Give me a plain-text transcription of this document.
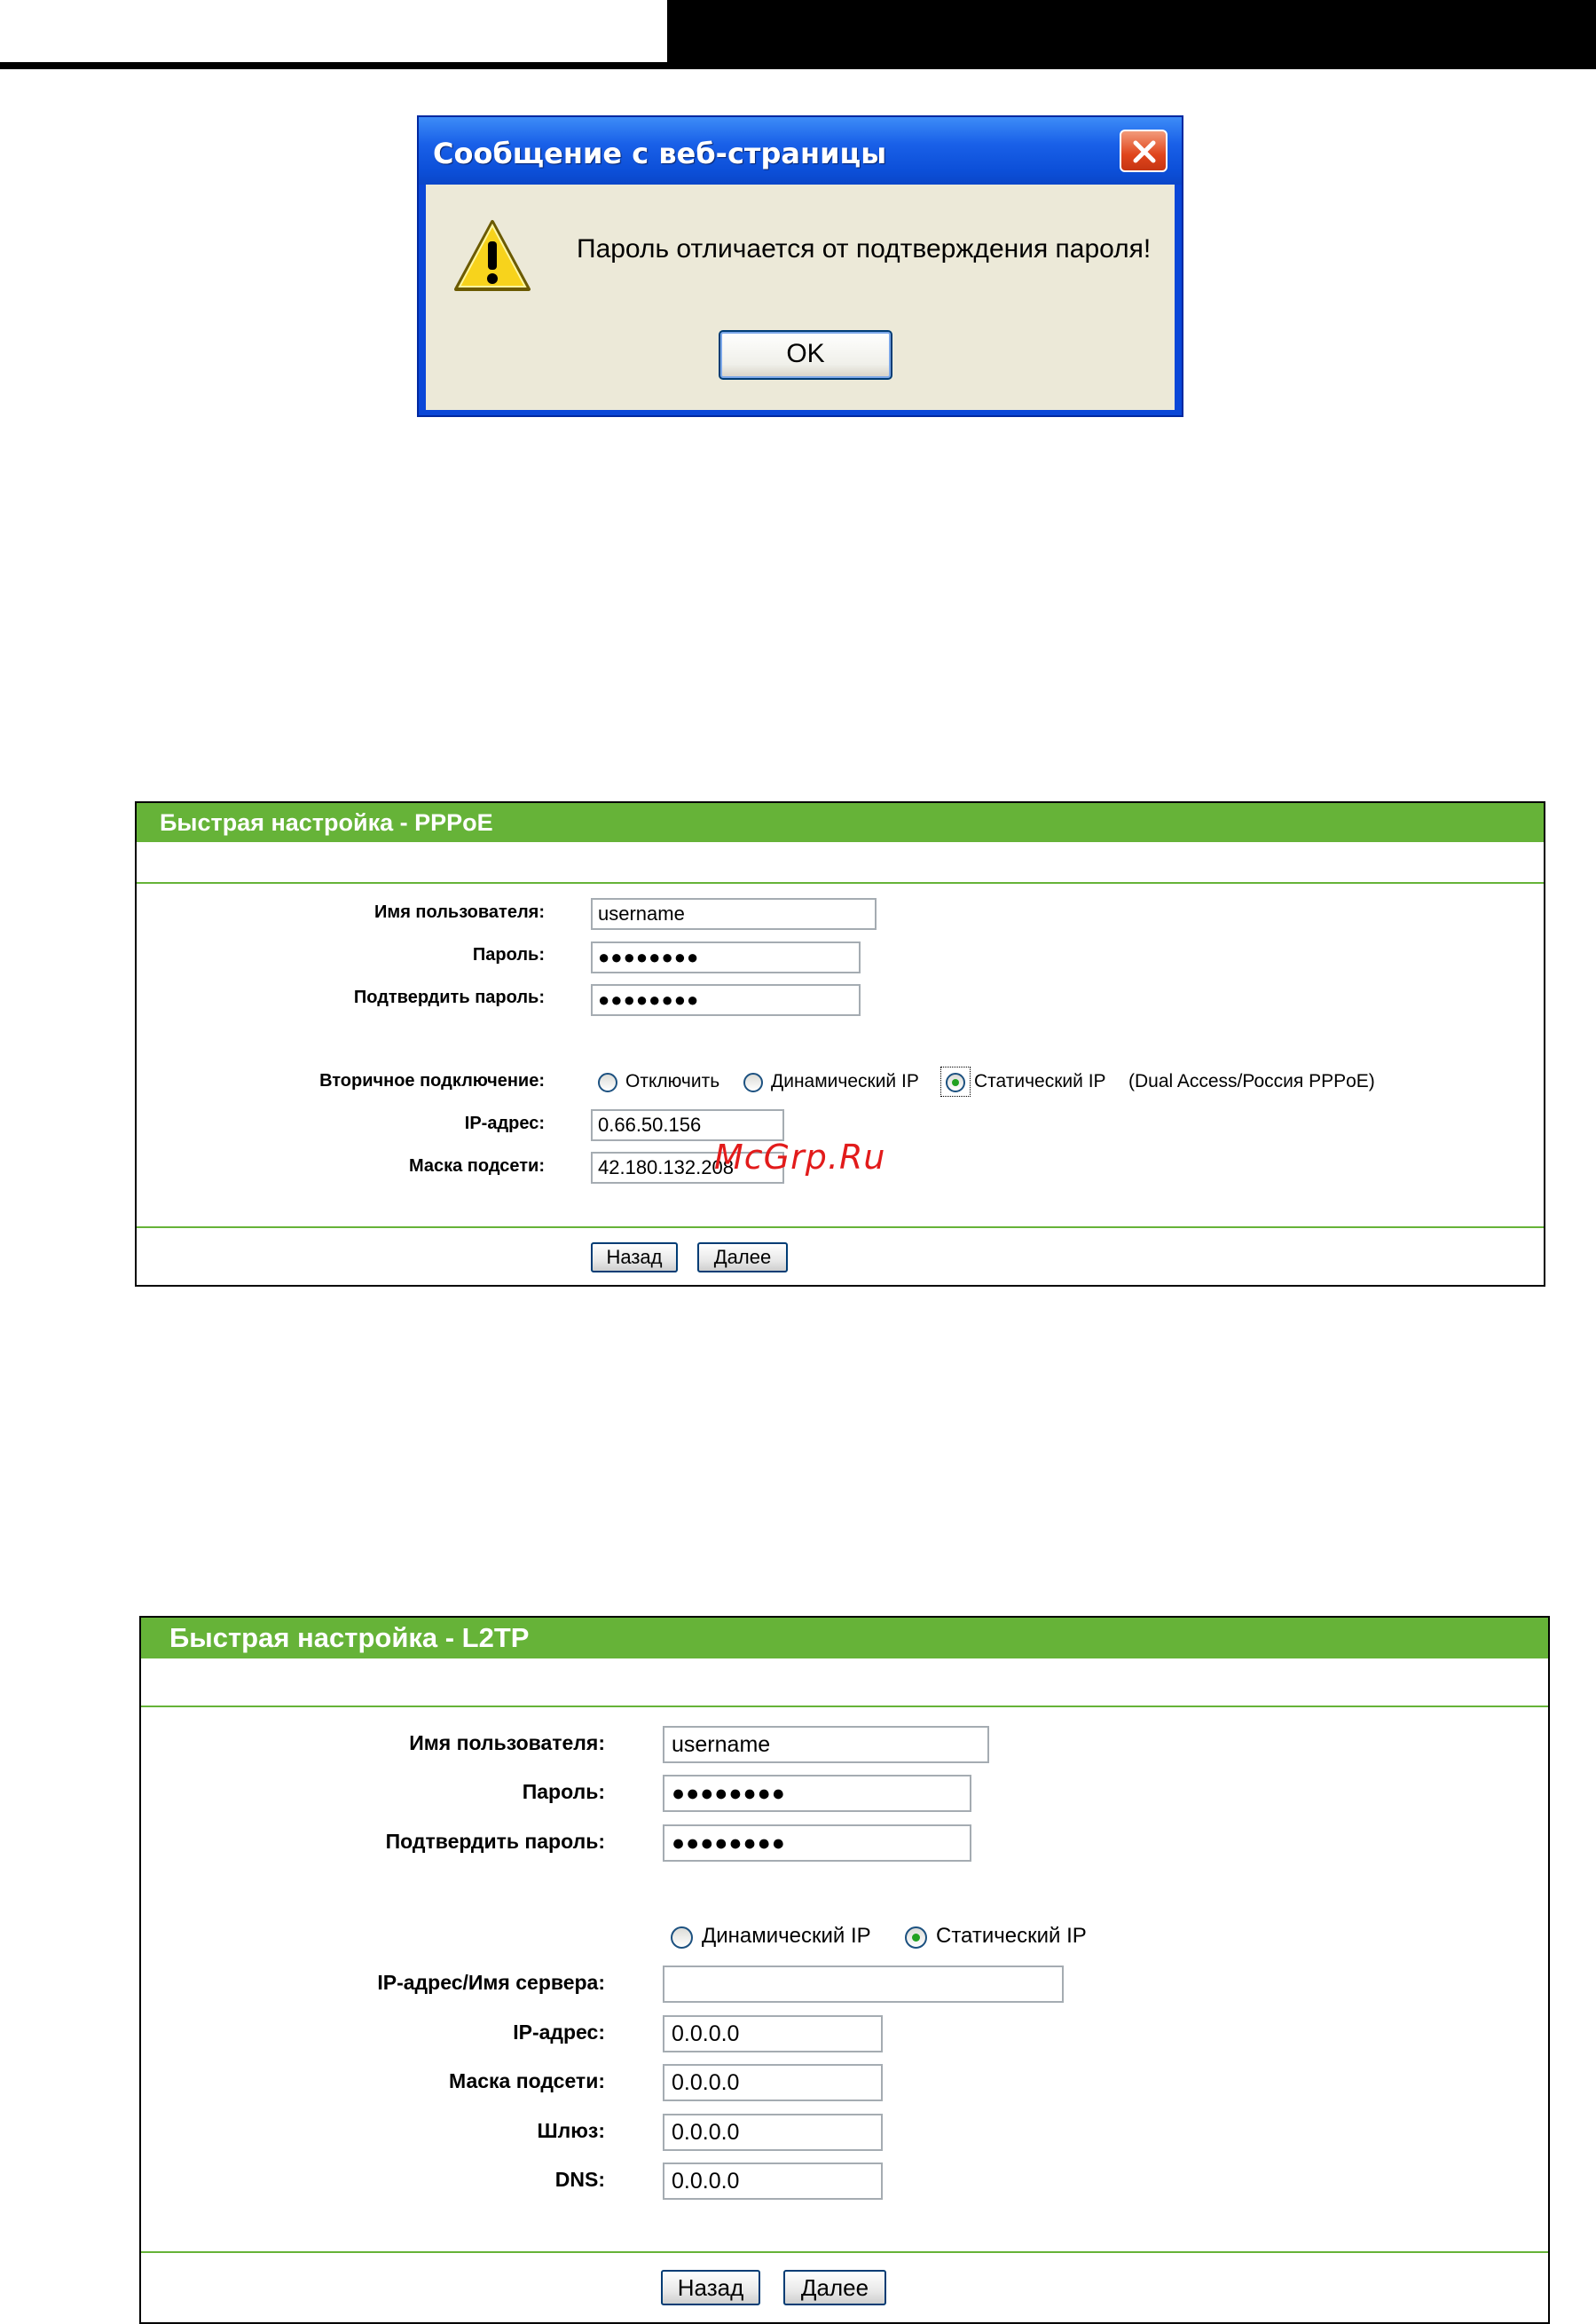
Сообщение с веб-страницы
Пароль отличается от подтверждения пароля!
OK
Быстрая настройка - PPPoE
Имя пользователя:	username
Пароль:	●●●●●●●●
Подтвердить пароль:	●●●●●●●●
Вторичное подключение:	Отключить	Динамический IP	Статический IP (Dual Access/Россия PPPoE)
IP-адрес:	0.66.50.156
Маска подсети:	42.180.132.208
Назад	Далее
McGrp.Ru
Быстрая настройка - L2TP
Имя пользователя:	username
Пароль:	●●●●●●●●
Подтвердить пароль:	●●●●●●●●
Динамический IP	Статический IP
IP-адрес/Имя сервера:
IP-адрес:	0.0.0.0
Маска подсети:	0.0.0.0
Шлюз:	0.0.0.0
DNS:	0.0.0.0
Назад	Далее
